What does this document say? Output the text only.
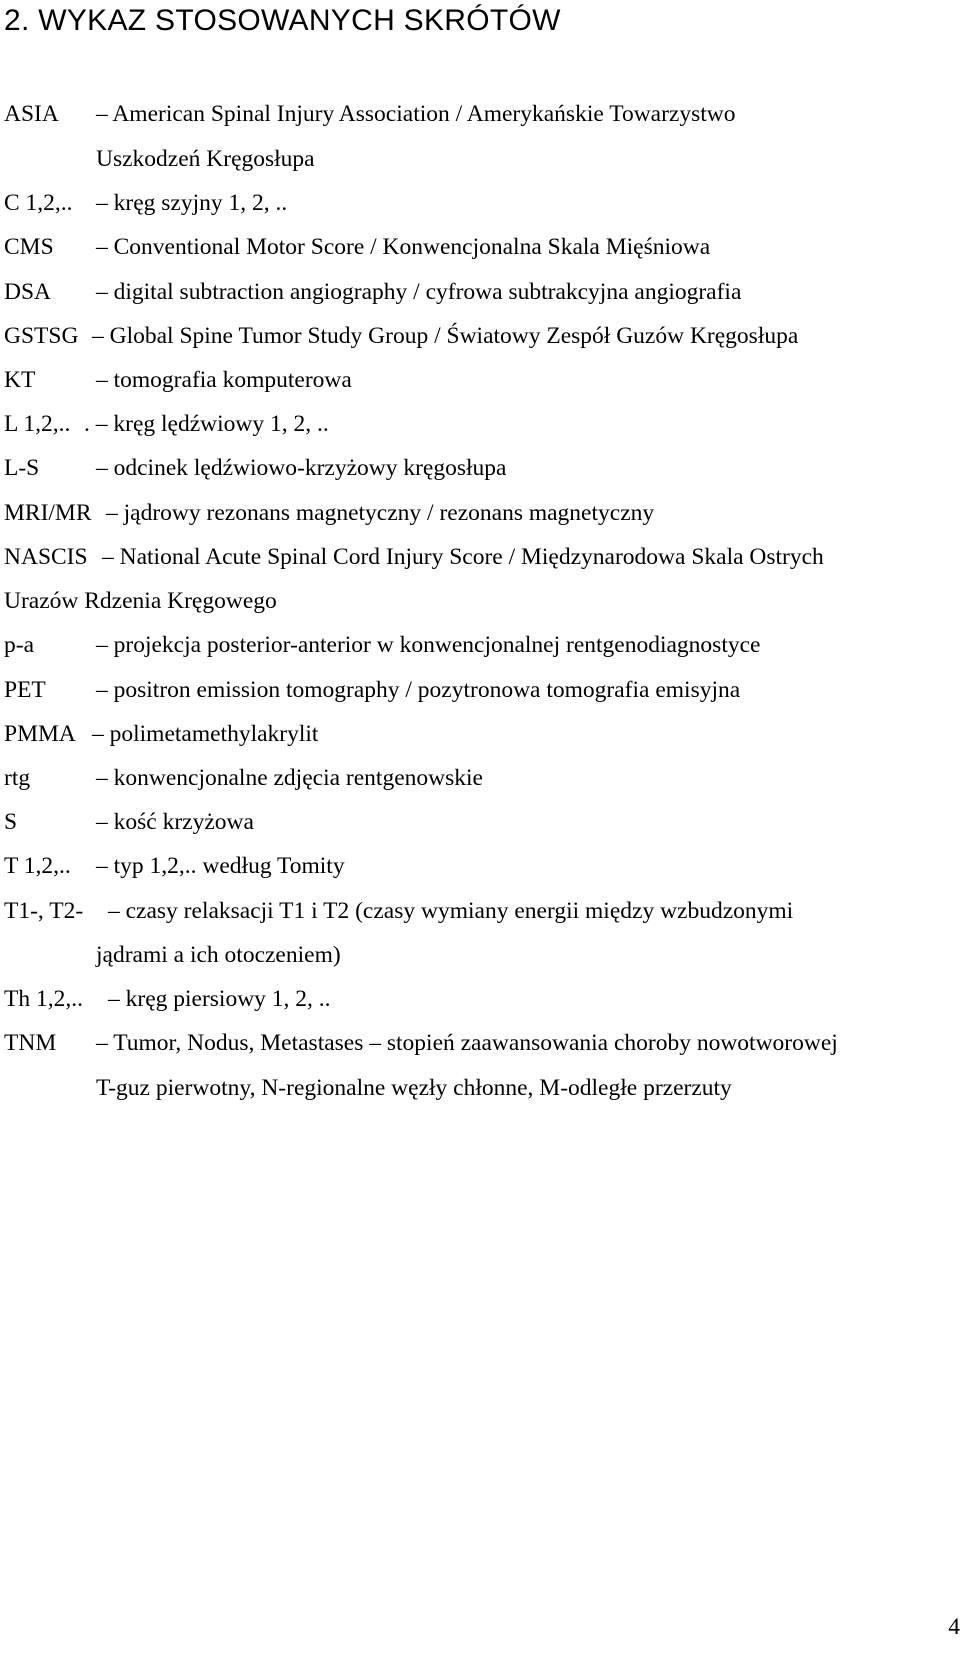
2. WYKAZ STOSOWANYCH SKRÓTÓW
ASIA – American Spinal Injury Association / Amerykańskie Towarzystwo
Uszkodzeń Kręgosłupa
C 1,2,.. – kręg szyjny 1, 2, ..
CMS – Conventional Motor Score / Konwencjonalna Skala Mięśniowa
DSA – digital subtraction angiography / cyfrowa subtrakcyjna angiografia
GSTSG – Global Spine Tumor Study Group / Światowy Zespół Guzów Kręgosłupa
KT	– tomografia komputerowa
L 1,2,.. . – kręg lędźwiowy 1, 2, ..
L-S – odcinek lędźwiowo-krzyżowy kręgosłupa
MRI/MR – jądrowy rezonans magnetyczny / rezonans magnetyczny
NASCIS – National Acute Spinal Cord Injury Score / Międzynarodowa Skala Ostrych
Urazów Rdzenia Kręgowego
p-a	– projekcja posterior-anterior w konwencjonalnej rentgenodiagnostyce
PET – positron emission tomography / pozytronowa tomografia emisyjna
PMMA – polimetamethylakrylit
rtg	– konwencjonalne zdjęcia rentgenowskie
S	– kość krzyżowa
T 1,2,.. – typ 1,2,.. według Tomity
T1-, T2- – czasy relaksacji T1 i T2 (czasy wymiany energii między wzbudzonymi
jądrami a ich otoczeniem)
Th 1,2,.. – kręg piersiowy 1, 2, ..
TNM – Tumor, Nodus, Metastases – stopień zaawansowania choroby nowotworowej
T-guz pierwotny, N-regionalne węzły chłonne, M-odległe przerzuty
4
